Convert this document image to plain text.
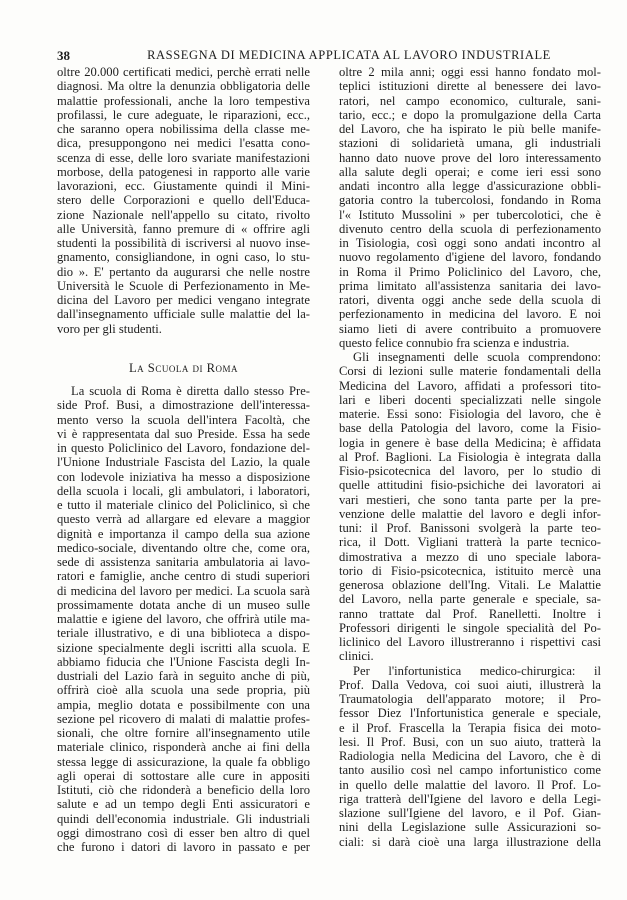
38	RASSEGNA DI MEDICINA APPLICATA AL LAVORO INDUSTRIALE
oltre 20.000 certificati medici, perchè errati nelle
diagnosi. Ma oltre la denunzia obbligatoria delle
malattie professionali, anche la loro tempestiva
profilassi, le cure adeguate, le riparazioni, ecc.,
che saranno opera nobilissima della classe me-
dica, presuppongono nei medici l'esatta cono-
scenza di esse, delle loro svariate manifestazioni
morbose, della patogenesi in rapporto alle varie
lavorazioni, ecc. Giustamente quindi il Mini-
stero delle Corporazioni e quello dell'Educa-
zione Nazionale nell'appello su citato, rivolto
alle Università, fanno premure di « offrire agli
studenti la possibilità di iscriversi al nuovo inse-
gnamento, consigliandone, in ogni caso, lo stu-
dio ». E' pertanto da augurarsi che nelle nostre
Università le Scuole di Perfezionamento in Me-
dicina del Lavoro per medici vengano integrate
dall'insegnamento ufficiale sulle malattie del la-
voro per gli studenti.
La Scuola di Roma
La scuola di Roma è diretta dallo stesso Pre-
side Prof. Busi, a dimostrazione dell'interessa-
mento verso la scuola dell'intera Facoltà, che
vi è rappresentata dal suo Preside. Essa ha sede
in questo Policlinico del Lavoro, fondazione del-
l'Unione Industriale Fascista del Lazio, la quale
con lodevole iniziativa ha messo a disposizione
della scuola i locali, gli ambulatori, i laboratori,
e tutto il materiale clinico del Policlinico, sì che
questo verrà ad allargare ed elevare a maggior
dignità e importanza il campo della sua azione
medico-sociale, diventando oltre che, come ora,
sede di assistenza sanitaria ambulatoria ai lavo-
ratori e famiglie, anche centro di studi superiori
di medicina del lavoro per medici. La scuola sarà
prossimamente dotata anche di un museo sulle
malattie e igiene del lavoro, che offrirà utile ma-
teriale illustrativo, e di una biblioteca a dispo-
sizione specialmente degli iscritti alla scuola. E
abbiamo fiducia che l'Unione Fascista degli In-
dustriali del Lazio farà in seguito anche di più,
offrirà cioè alla scuola una sede propria, più
ampia, meglio dotata e possibilmente con una
sezione pel ricovero di malati di malattie profes-
sionali, che oltre fornire all'insegnamento utile
materiale clinico, risponderà anche ai fini della
stessa legge di assicurazione, la quale fa obbligo
agli operai di sottostare alle cure in appositi
Istituti, ciò che ridonderà a beneficio della loro
salute e ad un tempo degli Enti assicuratori e
quindi dell'economia industriale. Gli industriali
oggi dimostrano così di esser ben altro di quel
che furono i datori di lavoro in passato e per
oltre 2 mila anni; oggi essi hanno fondato mol-
teplici istituzioni dirette al benessere dei lavo-
ratori, nel campo economico, culturale, sani-
tario, ecc.; e dopo la promulgazione della Carta
del Lavoro, che ha ispirato le più belle manife-
stazioni di solidarietà umana, gli industriali
hanno dato nuove prove del loro interessamento
alla salute degli operai; e come ieri essi sono
andati incontro alla legge d'assicurazione obbli-
gatoria contro la tubercolosi, fondando in Roma
l'« Istituto Mussolini » per tubercolotici, che è
divenuto centro della scuola di perfezionamento
in Tisiologia, così oggi sono andati incontro al
nuovo regolamento d'igiene del lavoro, fondando
in Roma il Primo Policlinico del Lavoro, che,
prima limitato all'assistenza sanitaria dei lavo-
ratori, diventa oggi anche sede della scuola di
perfezionamento in medicina del lavoro. E noi
siamo lieti di avere contribuito a promuovere
questo felice connubio fra scienza e industria.
Gli insegnamenti delle scuola comprendono:
Corsi di lezioni sulle materie fondamentali della
Medicina del Lavoro, affidati a professori tito-
lari e liberi docenti specializzati nelle singole
materie. Essi sono: Fisiologia del lavoro, che è
base della Patologia del lavoro, come la Fisio-
logia in genere è base della Medicina; è affidata
al Prof. Baglioni. La Fisiologia è integrata dalla
Fisio-psicotecnica del lavoro, per lo studio di
quelle attitudini fisio-psichiche dei lavoratori ai
vari mestieri, che sono tanta parte per la pre-
venzione delle malattie del lavoro e degli infor-
tuni: il Prof. Banissoni svolgerà la parte teo-
rica, il Dott. Vigliani tratterà la parte tecnico-
dimostrativa a mezzo di uno speciale labora-
torio di Fisio-psicotecnica, istituito mercè una
generosa oblazione dell'Ing. Vitali. Le Malattie
del Lavoro, nella parte generale e speciale, sa-
ranno trattate dal Prof. Ranelletti. Inoltre i
Professori dirigenti le singole specialità del Po-
liclinico del Lavoro illustreranno i rispettivi casi
clinici.
Per l'infortunistica medico-chirurgica: il
Prof. Dalla Vedova, coi suoi aiuti, illustrerà la
Traumatologia dell'apparato motore; il Pro-
fessor Diez l'Infortunistica generale e speciale,
e il Prof. Frascella la Terapia fisica dei moto-
lesi. Il Prof. Busi, con un suo aiuto, tratterà la
Radiologia nella Medicina del Lavoro, che è di
tanto ausilio così nel campo infortunistico come
in quello delle malattie del lavoro. Il Prof. Lo-
riga tratterà dell'Igiene del lavoro e della Legi-
slazione sull'Igiene del lavoro, e il Pof. Gian-
nini della Legislazione sulle Assicurazioni so-
ciali: si darà cioè una larga illustrazione della
